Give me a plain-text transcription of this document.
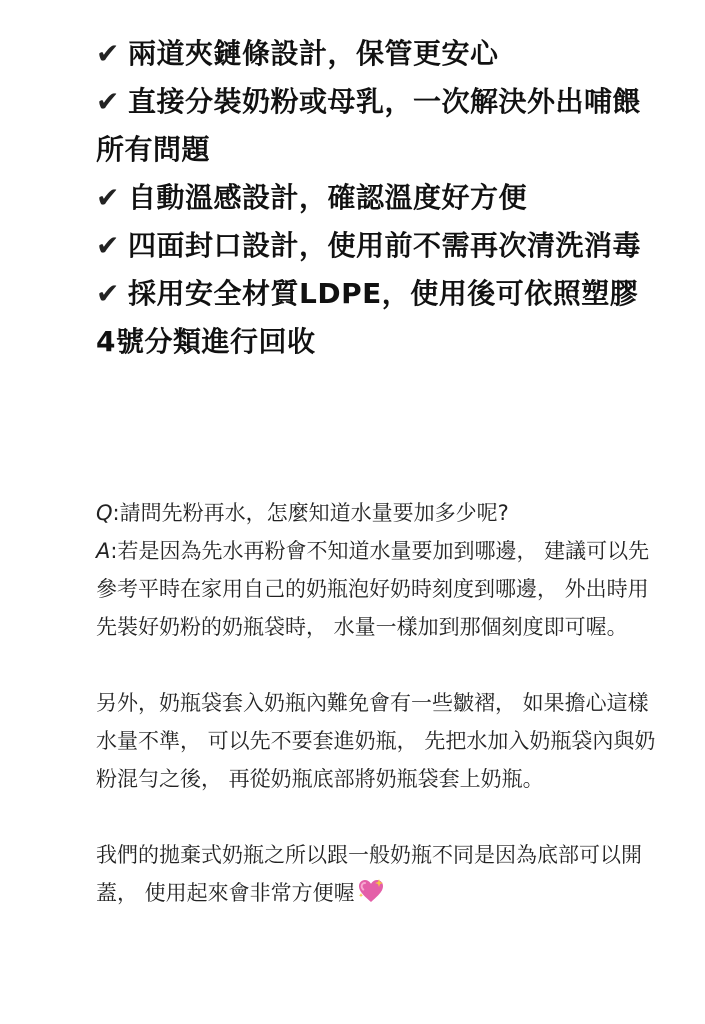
✔ 兩道夾鏈條設計，保管更安心
✔ 直接分裝奶粉或母乳，一次解決外出哺餵所有問題
✔ 自動溫感設計，確認溫度好方便
✔ 四面封口設計，使用前不需再次清洗消毒
✔ 採用安全材質LDPE，使用後可依照塑膠4號分類進行回收

Q:請問先粉再水，怎麼知道水量要加多少呢?

A:若是因為先水再粉會不知道水量要加到哪邊， 建議可以先參考平時在家用自己的奶瓶泡好奶時刻度到哪邊， 外出時用先裝好奶粉的奶瓶袋時， 水量一樣加到那個刻度即可喔。

另外，奶瓶袋套入奶瓶內難免會有一些皺褶， 如果擔心這樣水量不準， 可以先不要套進奶瓶， 先把水加入奶瓶袋內與奶粉混勻之後， 再從奶瓶底部將奶瓶袋套上奶瓶。

我們的拋棄式奶瓶之所以跟一般奶瓶不同是因為底部可以開蓋， 使用起來會非常方便喔
